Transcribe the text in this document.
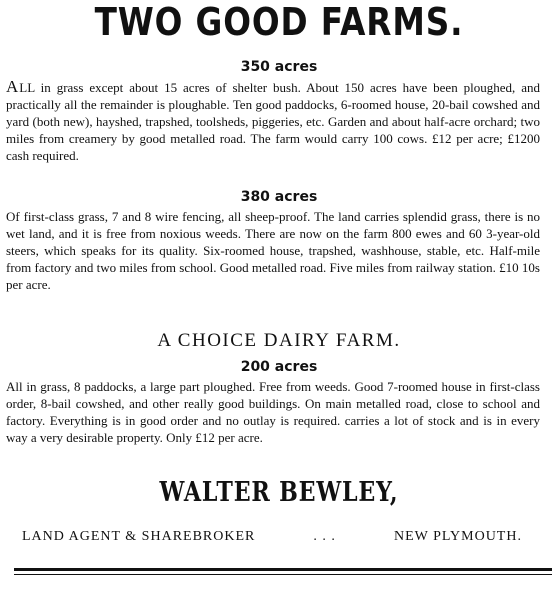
TWO GOOD FARMS.
350 acres
ALL in grass except about 15 acres of shelter bush. About 150 acres have been ploughed, and practically all the remainder is ploughable. Ten good paddocks, 6-roomed house, 20-bail cowshed and yard (both new), hayshed, trapshed, toolsheds, piggeries, etc. Garden and about half-acre orchard; two miles from creamery by good metalled road. The farm would carry 100 cows. £12 per acre; £1200 cash required.
380 acres
Of first-class grass, 7 and 8 wire fencing, all sheep-proof. The land carries splendid grass, there is no wet land, and it is free from noxious weeds. There are now on the farm 800 ewes and 60 3-year-old steers, which speaks for its quality. Six-roomed house, trapshed, washhouse, stable, etc. Half-mile from factory and two miles from school. Good metalled road. Five miles from railway station. £10 10s per acre.
A CHOICE DAIRY FARM.
200 acres
All in grass, 8 paddocks, a large part ploughed. Free from weeds. Good 7-roomed house in first-class order, 8-bail cowshed, and other really good buildings. On main metalled road, close to school and factory. Everything is in good order and no outlay is required. carries a lot of stock and is in every way a very desirable property. Only £12 per acre.
WALTER BEWLEY,
LAND AGENT & SHAREBROKER	. . .	NEW PLYMOUTH.
